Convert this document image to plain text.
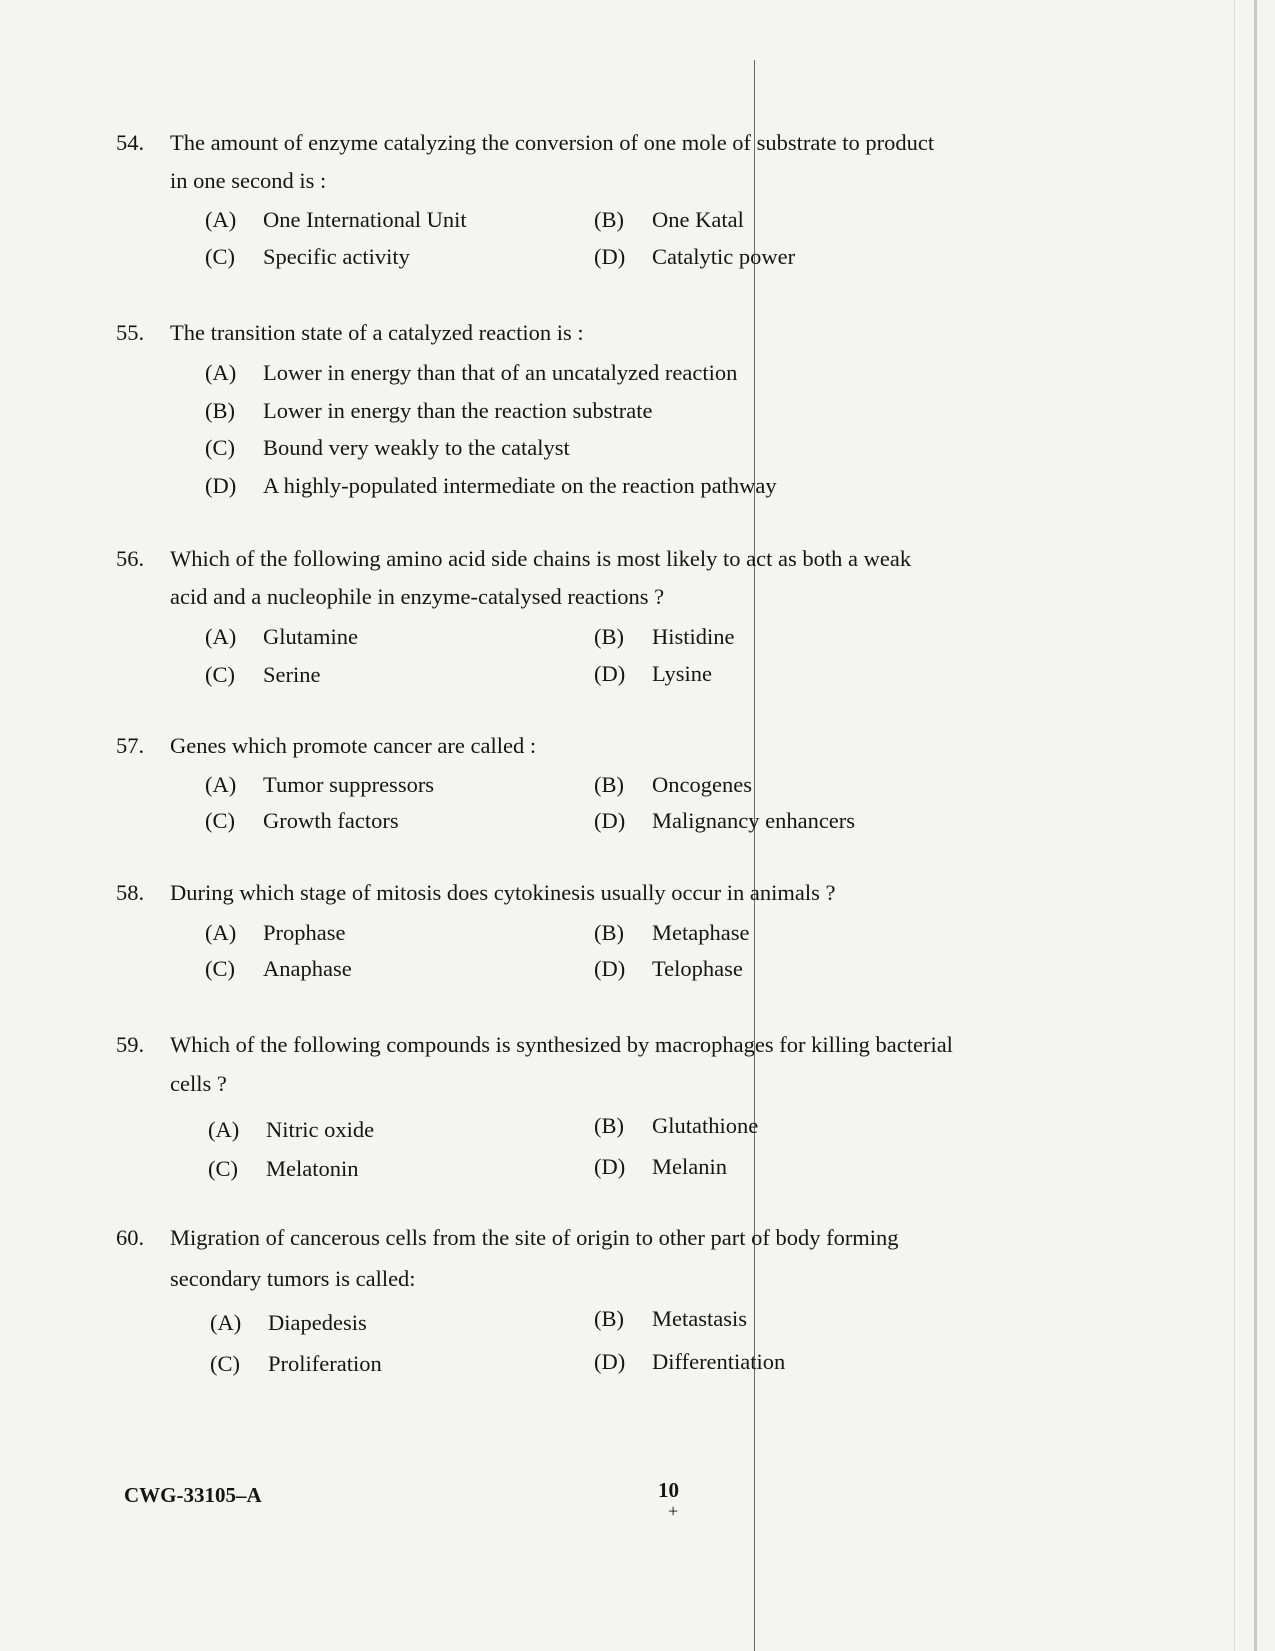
54. The amount of enzyme catalyzing the conversion of one mole of substrate to product
in one second is :
(A) One International Unit	(B) One Katal
(C) Specific activity	(D) Catalytic power
55. The transition state of a catalyzed reaction is :
(A) Lower in energy than that of an uncatalyzed reaction
(B) Lower in energy than the reaction substrate
(C) Bound very weakly to the catalyst
(D) A highly-populated intermediate on the reaction pathway
56. Which of the following amino acid side chains is most likely to act as both a weak
acid and a nucleophile in enzyme-catalysed reactions ?
(A) Glutamine	(B) Histidine
(C) Serine	(D) Lysine
57. Genes which promote cancer are called :
(A) Tumor suppressors	(B) Oncogenes
(C) Growth factors	(D) Malignancy enhancers
58. During which stage of mitosis does cytokinesis usually occur in animals ?
(A) Prophase	(B) Metaphase
(C) Anaphase	(D) Telophase
59. Which of the following compounds is synthesized by macrophages for killing bacterial
cells ?
(A) Nitric oxide	(B) Glutathione
(C) Melatonin	(D) Melanin
60. Migration of cancerous cells from the site of origin to other part of body forming
secondary tumors is called:
(A) Diapedesis	(B) Metastasis
(C) Proliferation	(D) Differentiation
CWG-33105–A	10
+
